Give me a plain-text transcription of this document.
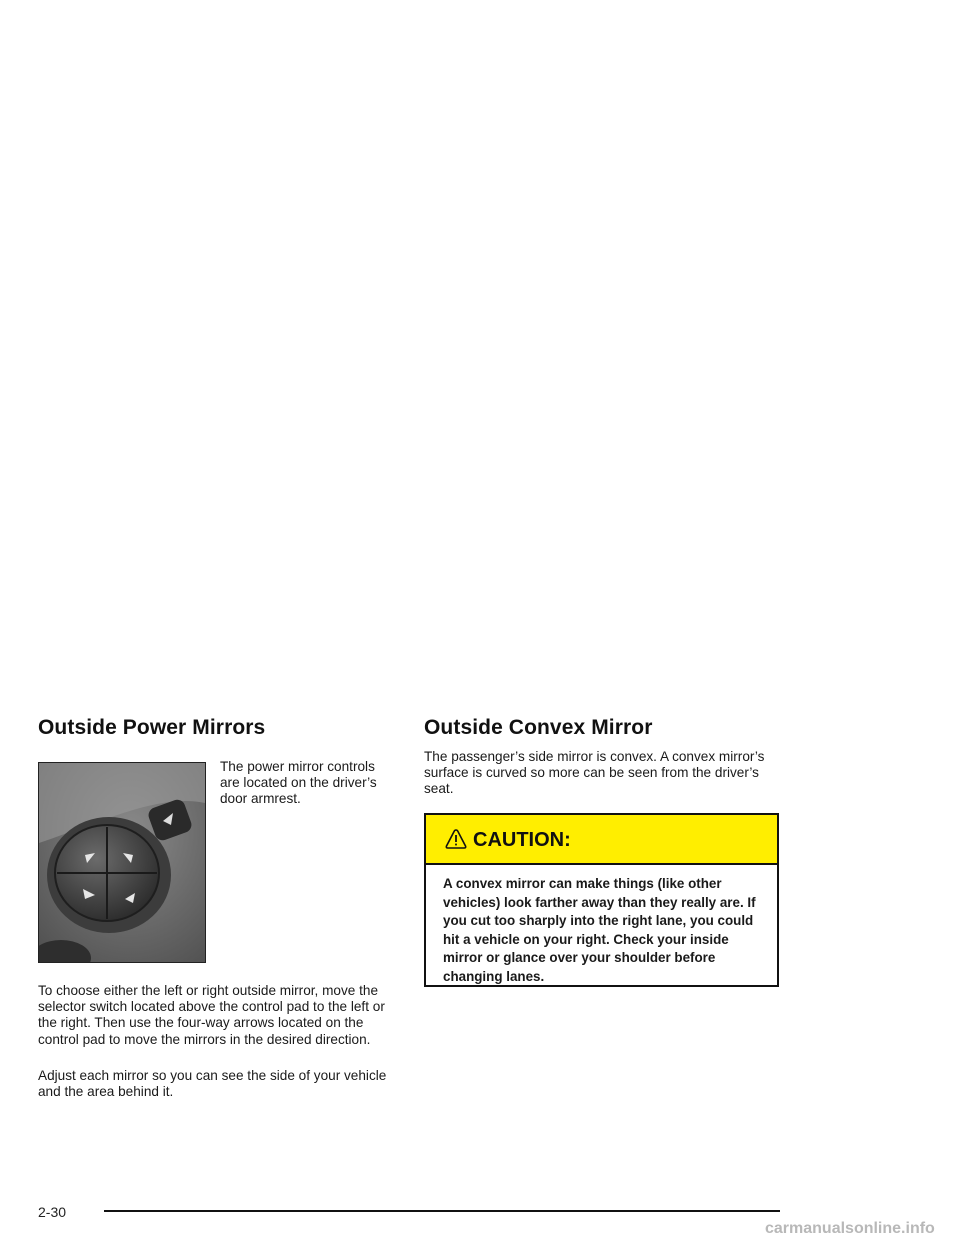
Outside Power Mirrors

The power mirror controls are located on the driver’s door armrest.

To choose either the left or right outside mirror, move the selector switch located above the control pad to the left or the right. Then use the four-way arrows located on the control pad to move the mirrors in the desired direction.

Adjust each mirror so you can see the side of your vehicle and the area behind it.

Outside Convex Mirror

The passenger’s side mirror is convex. A convex mirror’s surface is curved so more can be seen from the driver’s seat.

CAUTION:
A convex mirror can make things (like other vehicles) look farther away than they really are. If you cut too sharply into the right lane, you could hit a vehicle on your right. Check your inside mirror or glance over your shoulder before changing lanes.
2-30
carmanualsonline.info
